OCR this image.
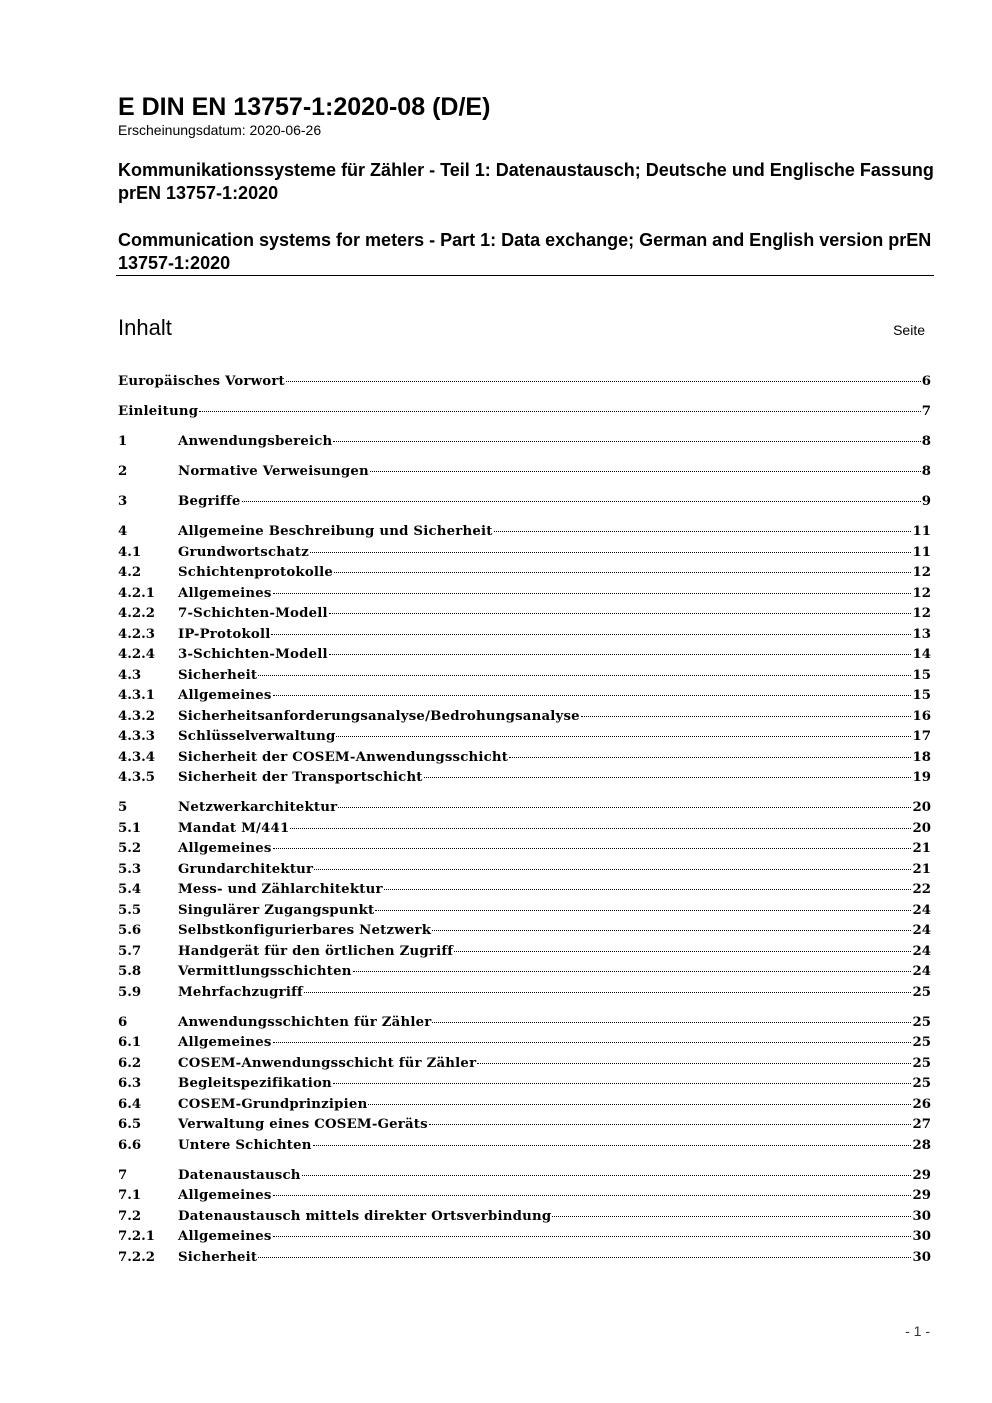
E DIN EN 13757-1:2020-08 (D/E)
Erscheinungsdatum: 2020-06-26
Kommunikationssysteme für Zähler - Teil 1: Datenaustausch; Deutsche und Englische Fassung prEN 13757-1:2020
Communication systems for meters - Part 1: Data exchange; German and English version prEN 13757-1:2020
Inhalt	Seite
Europäisches Vorwort	6
Einleitung	7
1	Anwendungsbereich	8
2	Normative Verweisungen	8
3	Begriffe	9
4	Allgemeine Beschreibung und Sicherheit	11
4.1	Grundwortschatz	11
4.2	Schichtenprotokolle	12
4.2.1	Allgemeines	12
4.2.2	7-Schichten-Modell	12
4.2.3	IP-Protokoll	13
4.2.4	3-Schichten-Modell	14
4.3	Sicherheit	15
4.3.1	Allgemeines	15
4.3.2	Sicherheitsanforderungsanalyse/Bedrohungsanalyse	16
4.3.3	Schlüsselverwaltung	17
4.3.4	Sicherheit der COSEM-Anwendungsschicht	18
4.3.5	Sicherheit der Transportschicht	19
5	Netzwerkarchitektur	20
5.1	Mandat M/441	20
5.2	Allgemeines	21
5.3	Grundarchitektur	21
5.4	Mess- und Zählarchitektur	22
5.5	Singulärer Zugangspunkt	24
5.6	Selbstkonfigurierbares Netzwerk	24
5.7	Handgerät für den örtlichen Zugriff	24
5.8	Vermittlungsschichten	24
5.9	Mehrfachzugriff	25
6	Anwendungsschichten für Zähler	25
6.1	Allgemeines	25
6.2	COSEM-Anwendungsschicht für Zähler	25
6.3	Begleitspezifikation	25
6.4	COSEM-Grundprinzipien	26
6.5	Verwaltung eines COSEM-Geräts	27
6.6	Untere Schichten	28
7	Datenaustausch	29
7.1	Allgemeines	29
7.2	Datenaustausch mittels direkter Ortsverbindung	30
7.2.1	Allgemeines	30
7.2.2	Sicherheit	30
- 1 -
